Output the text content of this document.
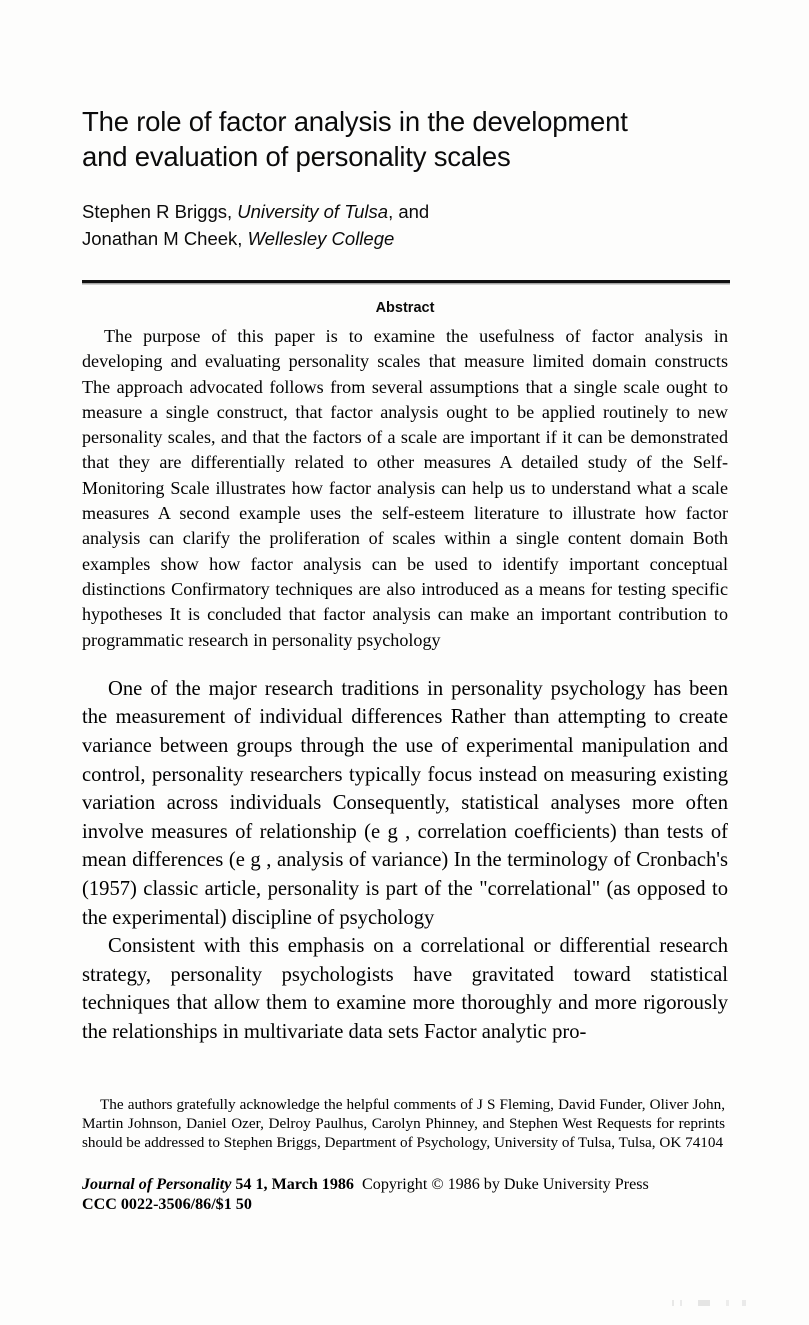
The role of factor analysis in the development
and evaluation of personality scales
Stephen R Briggs, University of Tulsa, and
Jonathan M Cheek, Wellesley College
Abstract

The purpose of this paper is to examine the usefulness of factor analysis in developing and evaluating personality scales that measure limited domain constructs The approach advocated follows from several assumptions that a single scale ought to measure a single construct, that factor analysis ought to be applied routinely to new personality scales, and that the factors of a scale are important if it can be demonstrated that they are differentially related to other measures A detailed study of the Self-Monitoring Scale illustrates how factor analysis can help us to understand what a scale measures A second example uses the self-esteem literature to illustrate how factor analysis can clarify the proliferation of scales within a single content domain Both examples show how factor analysis can be used to identify important conceptual distinctions Confirmatory techniques are also introduced as a means for testing specific hypotheses It is concluded that factor analysis can make an important contribution to programmatic research in personality psychology

One of the major research traditions in personality psychology has been the measurement of individual differences Rather than attempting to create variance between groups through the use of experimental manipulation and control, personality researchers typically focus instead on measuring existing variation across individuals Consequently, statistical analyses more often involve measures of relationship (e g , correlation coefficients) than tests of mean differences (e g , analysis of variance) In the terminology of Cronbach's (1957) classic article, personality is part of the "correlational" (as opposed to the experimental) discipline of psychology

Consistent with this emphasis on a correlational or differential research strategy, personality psychologists have gravitated toward statistical techniques that allow them to examine more thoroughly and more rigorously the relationships in multivariate data sets Factor analytic pro-

The authors gratefully acknowledge the helpful comments of J S Fleming, David Funder, Oliver John, Martin Johnson, Daniel Ozer, Delroy Paulhus, Carolyn Phinney, and Stephen West Requests for reprints should be addressed to Stephen Briggs, Department of Psychology, University of Tulsa, Tulsa, OK 74104

Journal of Personality 54 1, March 1986 Copyright © 1986 by Duke University Press

CCC 0022-3506/86/$1 50
